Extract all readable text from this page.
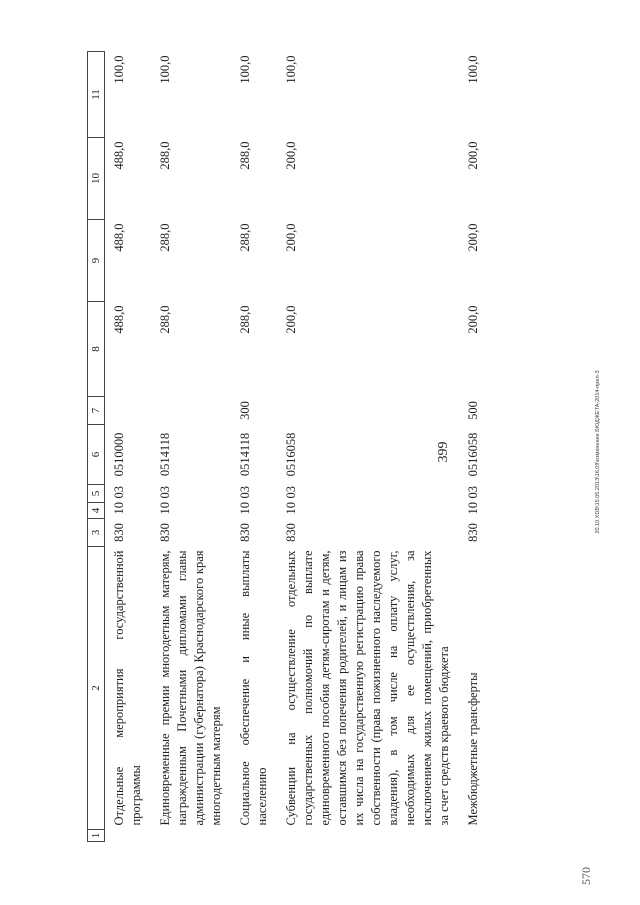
399	20.10.XDB\15.05.2013\16.09\изменение БЮДЖЕТА-2014-прил-3
570
1	2	3	4	5	6	7	8	9	10	11
	Отдельные мероприятия государственной программы	830	10	03	0510000		488,0	488,0	488,0	100,0
	Единовременные премии многодетным матерям, награжденным Почетными дипломами главы администрации (губернатора) Краснодарского края многодетным матерям	830	10	03	0514118		288,0	288,0	288,0	100,0
	Социальное обеспечение и иные выплаты населению	830	10	03	0514118	300	288,0	288,0	288,0	100,0
	Субвенции на осуществление отдельных государственных полномочий по выплате единовременного пособия детям-сиротам и детям, оставшимся без попечения родителей, и лицам из их числа на государственную регистрацию права собственности (права пожизненного наследуемого владения), в том числе на оплату услуг, необходимых для ее осуществления, за исключением жилых помещений, приобретенных за счет средств краевого бюджета	830	10	03	0516058		200,0	200,0	200,0	100,0
	Межбюджетные трансферты	830	10	03	0516058	500	200,0	200,0	200,0	100,0
